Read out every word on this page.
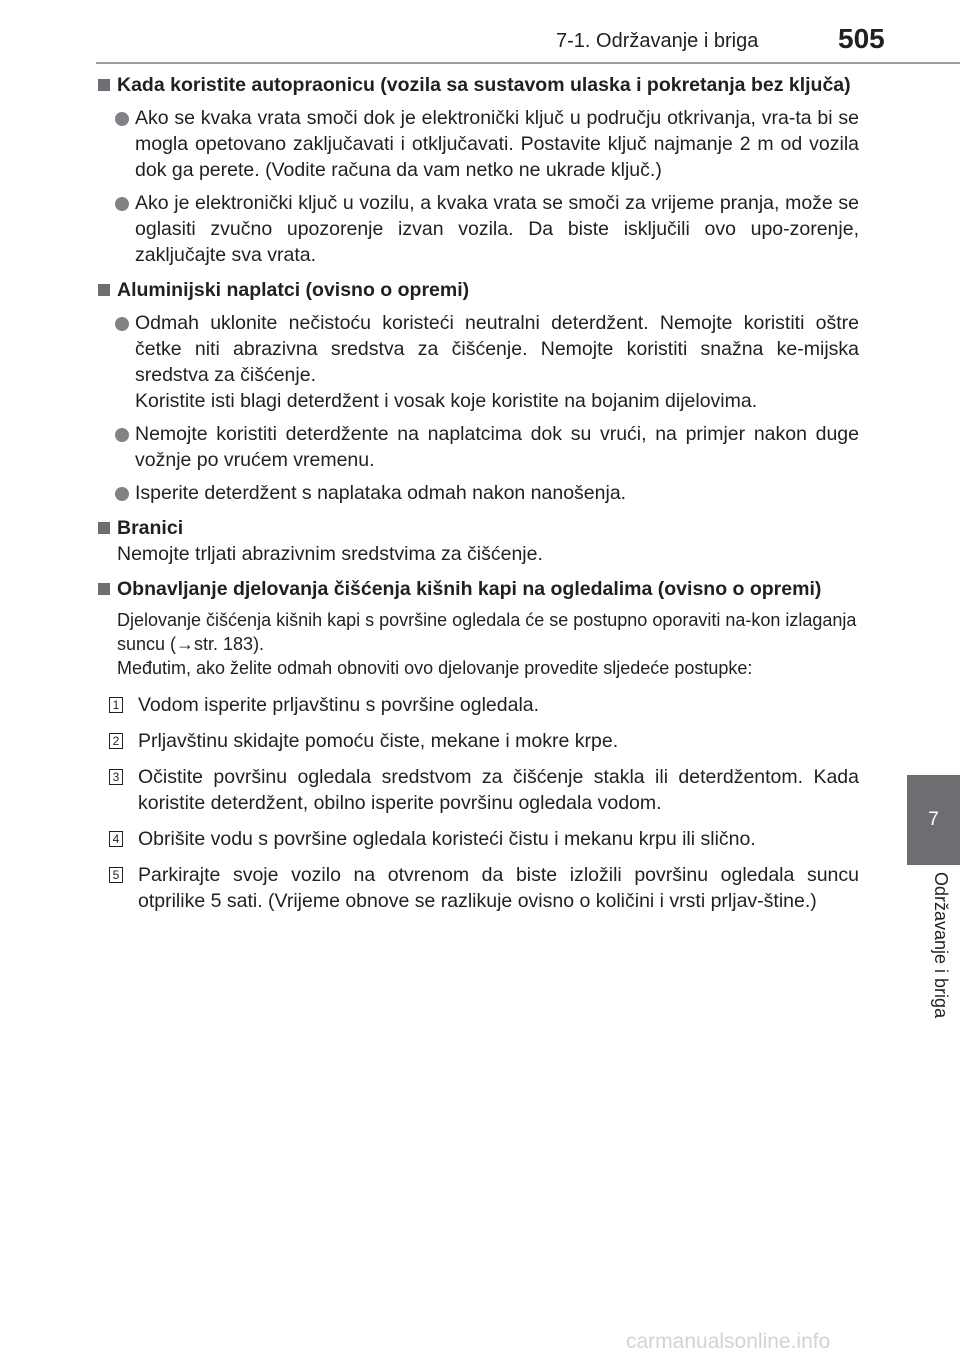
7-1. Održavanje i briga	505
7
Održavanje i briga
Kada koristite autopraonicu (vozila sa sustavom ulaska i pokretanja bez ključa)
Ako se kvaka vrata smoči dok je elektronički ključ u području otkrivanja, vra-ta bi se mogla opetovano zaključavati i otključavati. Postavite ključ najmanje 2 m od vozila dok ga perete. (Vodite računa da vam netko ne ukrade ključ.)
Ako je elektronički ključ u vozilu, a kvaka vrata se smoči za vrijeme pranja, može se oglasiti zvučno upozorenje izvan vozila. Da biste isključili ovo upo-zorenje, zaključajte sva vrata.
Aluminijski naplatci (ovisno o opremi)
Odmah uklonite nečistoću koristeći neutralni deterdžent. Nemojte koristiti oštre četke niti abrazivna sredstva za čišćenje. Nemojte koristiti snažna ke-mijska sredstva za čišćenje.
Koristite isti blagi deterdžent i vosak koje koristite na bojanim dijelovima.
Nemojte koristiti deterdžente na naplatcima dok su vrući, na primjer nakon duge vožnje po vrućem vremenu.
Isperite deterdžent s naplataka odmah nakon nanošenja.
Branici
Nemojte trljati abrazivnim sredstvima za čišćenje.
Obnavljanje djelovanja čišćenja kišnih kapi na ogledalima (ovisno o opremi)
Djelovanje čišćenja kišnih kapi s površine ogledala će se postupno oporaviti na-kon izlaganja suncu (→str. 183).
Međutim, ako želite odmah obnoviti ovo djelovanje provedite sljedeće postupke:
1 Vodom isperite prljavštinu s površine ogledala.
2 Prljavštinu skidajte pomoću čiste, mekane i mokre krpe.
3 Očistite površinu ogledala sredstvom za čišćenje stakla ili deterdžentom. Kada koristite deterdžent, obilno isperite površinu ogledala vodom.
4 Obrišite vodu s površine ogledala koristeći čistu i mekanu krpu ili slično.
5 Parkirajte svoje vozilo na otvrenom da biste izložili površinu ogledala suncu otprilike 5 sati. (Vrijeme obnove se razlikuje ovisno o količini i vrsti prljav-štine.)
carmanualsonline.info
